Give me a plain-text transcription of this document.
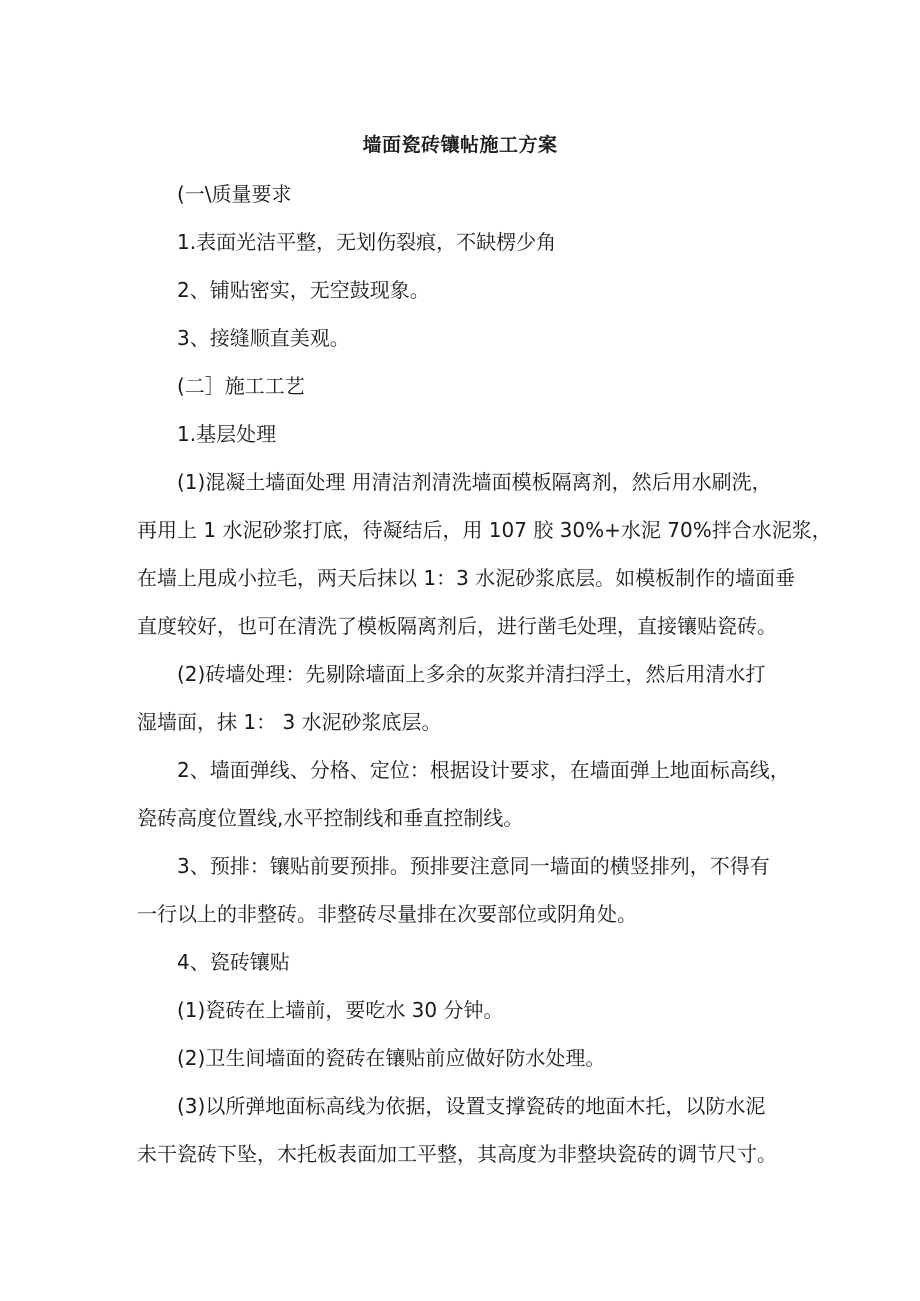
墙面瓷砖镶帖施工方案

(一\质量要求

1.表面光洁平整，无划伤裂痕，不缺楞少角

2、铺贴密实，无空鼓现象。

3、接缝顺直美观。

(二］施工工艺

1.基层处理

(1)混凝土墙面处理 用清洁剂清洗墙面模板隔离剂，然后用水刷洗，
再用上 1 水泥砂浆打底，待凝结后，用 107 胶 30%+水泥 70%拌合水泥浆，
在墙上甩成小拉毛，两天后抹以 1：3 水泥砂浆底层。如模板制作的墙面垂
直度较好，也可在清洗了模板隔离剂后，进行凿毛处理，直接镶贴瓷砖。

(2)砖墙处理：先剔除墙面上多余的灰浆并清扫浮土，然后用清水打
湿墙面，抹 1： 3 水泥砂浆底层。

2、墙面弹线、分格、定位：根据设计要求，在墙面弹上地面标高线，
瓷砖高度位置线,水平控制线和垂直控制线。

3、预排：镶贴前要预排。预排要注意同一墙面的横竖排列，不得有
一行以上的非整砖。非整砖尽量排在次要部位或阴角处。

4、瓷砖镶贴

(1)瓷砖在上墙前，要吃水 30 分钟。

(2)卫生间墙面的瓷砖在镶贴前应做好防水处理。

(3)以所弹地面标高线为依据，设置支撑瓷砖的地面木托，以防水泥
未干瓷砖下坠，木托板表面加工平整，其高度为非整块瓷砖的调节尺寸。
